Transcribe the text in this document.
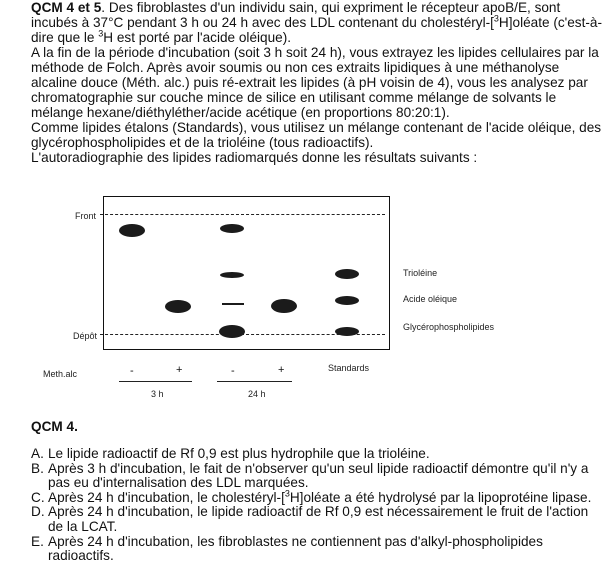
QCM 4 et 5. Des fibroblastes d'un individu sain, qui expriment le récepteur apoB/E, sont incubés à 37°C pendant 3 h ou 24 h avec des LDL contenant du cholestéryl-[$^3$H]oléate (c'est-à-dire que le $^3$H est porté par l'acide oléique).

A la fin de la période d'incubation (soit 3 h soit 24 h), vous extrayez les lipides cellulaires par la méthode de Folch. Après avoir soumis ou non ces extraits lipidiques à une méthanolyse alcaline douce (Méth. alc.) puis ré-extrait les lipides (à pH voisin de 4), vous les analysez par chromatographie sur couche mince de silice en utilisant comme mélange de solvants le mélange hexane/diéthyléther/acide acétique (en proportions 80:20:1).

Comme lipides étalons (Standards), vous utilisez un mélange contenant de l'acide oléique, des glycérophospholipides et de la trioléine (tous radioactifs).

L'autoradiographie des lipides radiomarqués donne les résultats suivants :

Front
Dépôt
Trioléine
Acide oléique
Glycérophospholipides
Meth.alc	-	+	-	+	Standards
3 h	24 h
QCM 4.

A. Le lipide radioactif de Rf 0,9 est plus hydrophile que la trioléine.

B. Après 3 h d'incubation, le fait de n'observer qu'un seul lipide radioactif démontre qu'il n'y a pas eu d'internalisation des LDL marquées.

C. Après 24 h d'incubation, le cholestéryl-[$^3$H]oléate a été hydrolysé par la lipoprotéine lipase.

D. Après 24 h d'incubation, le lipide radioactif de Rf 0,9 est nécessairement le fruit de l'action de la LCAT.

E. Après 24 h d'incubation, les fibroblastes ne contiennent pas d'alkyl-phospholipides radioactifs.
